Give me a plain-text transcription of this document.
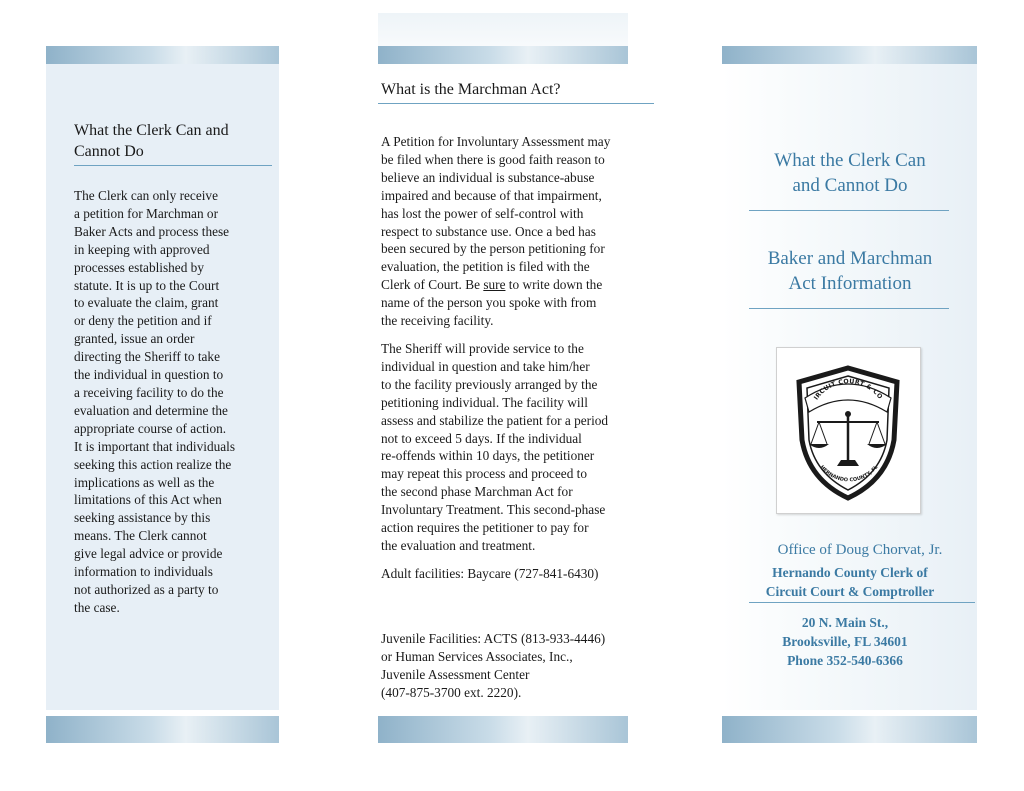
What the Clerk Can and
Cannot Do
The Clerk can only receive
a petition for Marchman or
Baker Acts and process these
in keeping with approved
processes established by
statute. It is up to the Court
to evaluate the claim, grant
or deny the petition and if
granted, issue an order
directing the Sheriff to take
the individual in question to
a receiving facility to do the
evaluation and determine the
appropriate course of action.
It is important that individuals
seeking this action realize the
implications as well as the
limitations of this Act when
seeking assistance by this
means. The Clerk cannot
give legal advice or provide
information to individuals
not authorized as a party to
the case.
What is the Marchman Act?

A Petition for Involuntary Assessment may
be filed when there is good faith reason to
believe an individual is substance-abuse
impaired and because of that impairment,
has lost the power of self-control with
respect to substance use. Once a bed has
been secured by the person petitioning for
evaluation, the petition is filed with the
Clerk of Court. Be sure to write down the
name of the person you spoke with from
the receiving facility.

The Sheriff will provide service to the
individual in question and take him/her
to the facility previously arranged by the
petitioning individual. The facility will
assess and stabilize the patient for a period
not to exceed 5 days. If the individual
re-offends within 10 days, the petitioner
may repeat this process and proceed to
the second phase Marchman Act for
Involuntary Treatment. This second-phase
action requires the petitioner to pay for
the evaluation and treatment.

Adult facilities: Baycare (727-841-6430)

Juvenile Facilities: ACTS (813-933-4446)
or Human Services Associates, Inc.,
Juvenile Assessment Center
(407-875-3700 ext. 2220).
What the Clerk Can
and Cannot Do
Baker and Marchman
Act Information
IRCUIT COURT & CO
HERNANDO COUNTY, FL
Office of Doug Chorvat, Jr.
Hernando County Clerk of
Circuit Court & Comptroller
20 N. Main St.,
Brooksville, FL 34601
Phone 352-540-6366
